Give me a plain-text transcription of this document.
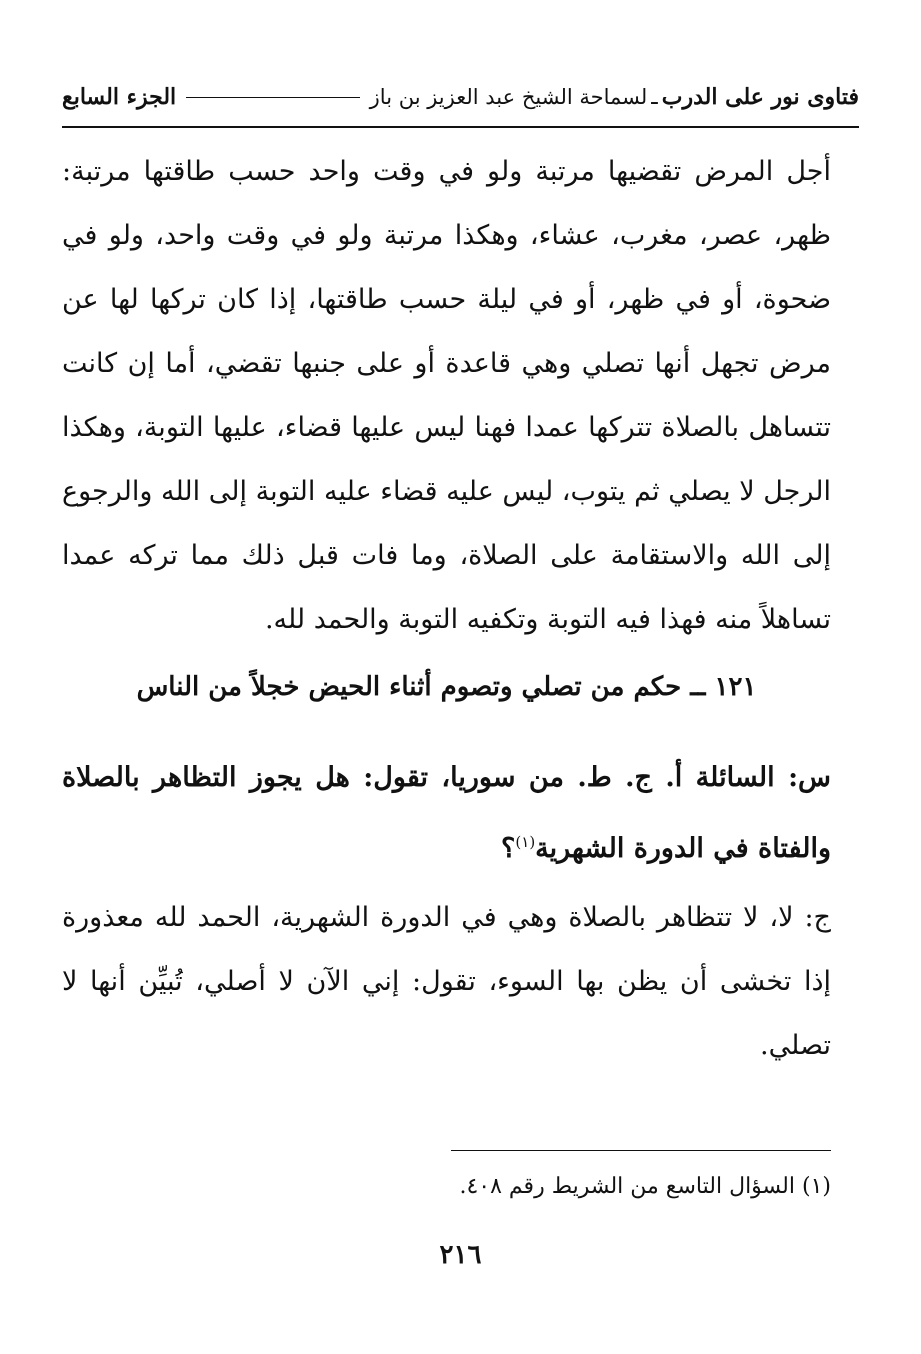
فتاوى نور على الدرب
ـ
لسماحة الشيخ عبد العزيز بن باز
الجزء السابع

أجل المرض تقضيها مرتبة ولو في وقت واحد حسب طاقتها مرتبة: ظهر، عصر، مغرب، عشاء، وهكذا مرتبة ولو في وقت واحد، ولو في ضحوة، أو في ظهر، أو في ليلة حسب طاقتها، إذا كان تركها لها عن مرض تجهل أنها تصلي وهي قاعدة أو على جنبها تقضي، أما إن كانت تتساهل بالصلاة تتركها عمدا فهنا ليس عليها قضاء، عليها التوبة، وهكذا الرجل لا يصلي ثم يتوب، ليس عليه قضاء عليه التوبة إلى الله والرجوع إلى الله والاستقامة على الصلاة، وما فات قبل ذلك مما تركه عمدا تساهلاً منه فهذا فيه التوبة وتكفيه التوبة والحمد لله.

١٢١ ــ حكم من تصلي وتصوم أثناء الحيض خجلاً من الناس

س: السائلة أ. ج. ط. من سوريا، تقول: هل يجوز التظاهر بالصلاة والفتاة في الدورة الشهرية$^{(١)}$؟

ج: لا، لا تتظاهر بالصلاة وهي في الدورة الشهرية، الحمد لله معذورة إذا تخشى أن يظن بها السوء، تقول: إني الآن لا أصلي، تُبيِّن أنها لا تصلي.

(١) السؤال التاسع من الشريط رقم ٤٠٨.
٢١٦
